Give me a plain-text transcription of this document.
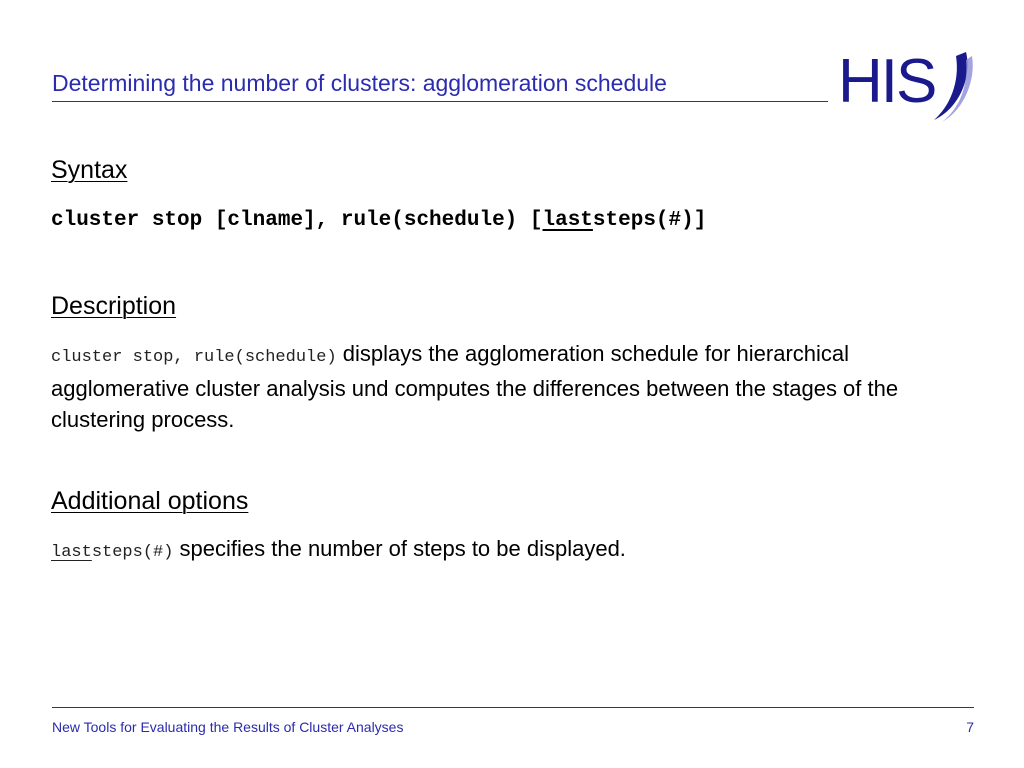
Determining the number of clusters: agglomeration schedule	HIS
Syntax
cluster stop [clname], rule(schedule) [laststeps(#)]
Description
cluster stop, rule(schedule) displays the agglomeration schedule for hierarchical agglomerative cluster analysis und computes the differences between the stages of the clustering process.
Additional options
laststeps(#) specifies the number of steps to be displayed.
New Tools for Evaluating the Results of Cluster Analyses	7
